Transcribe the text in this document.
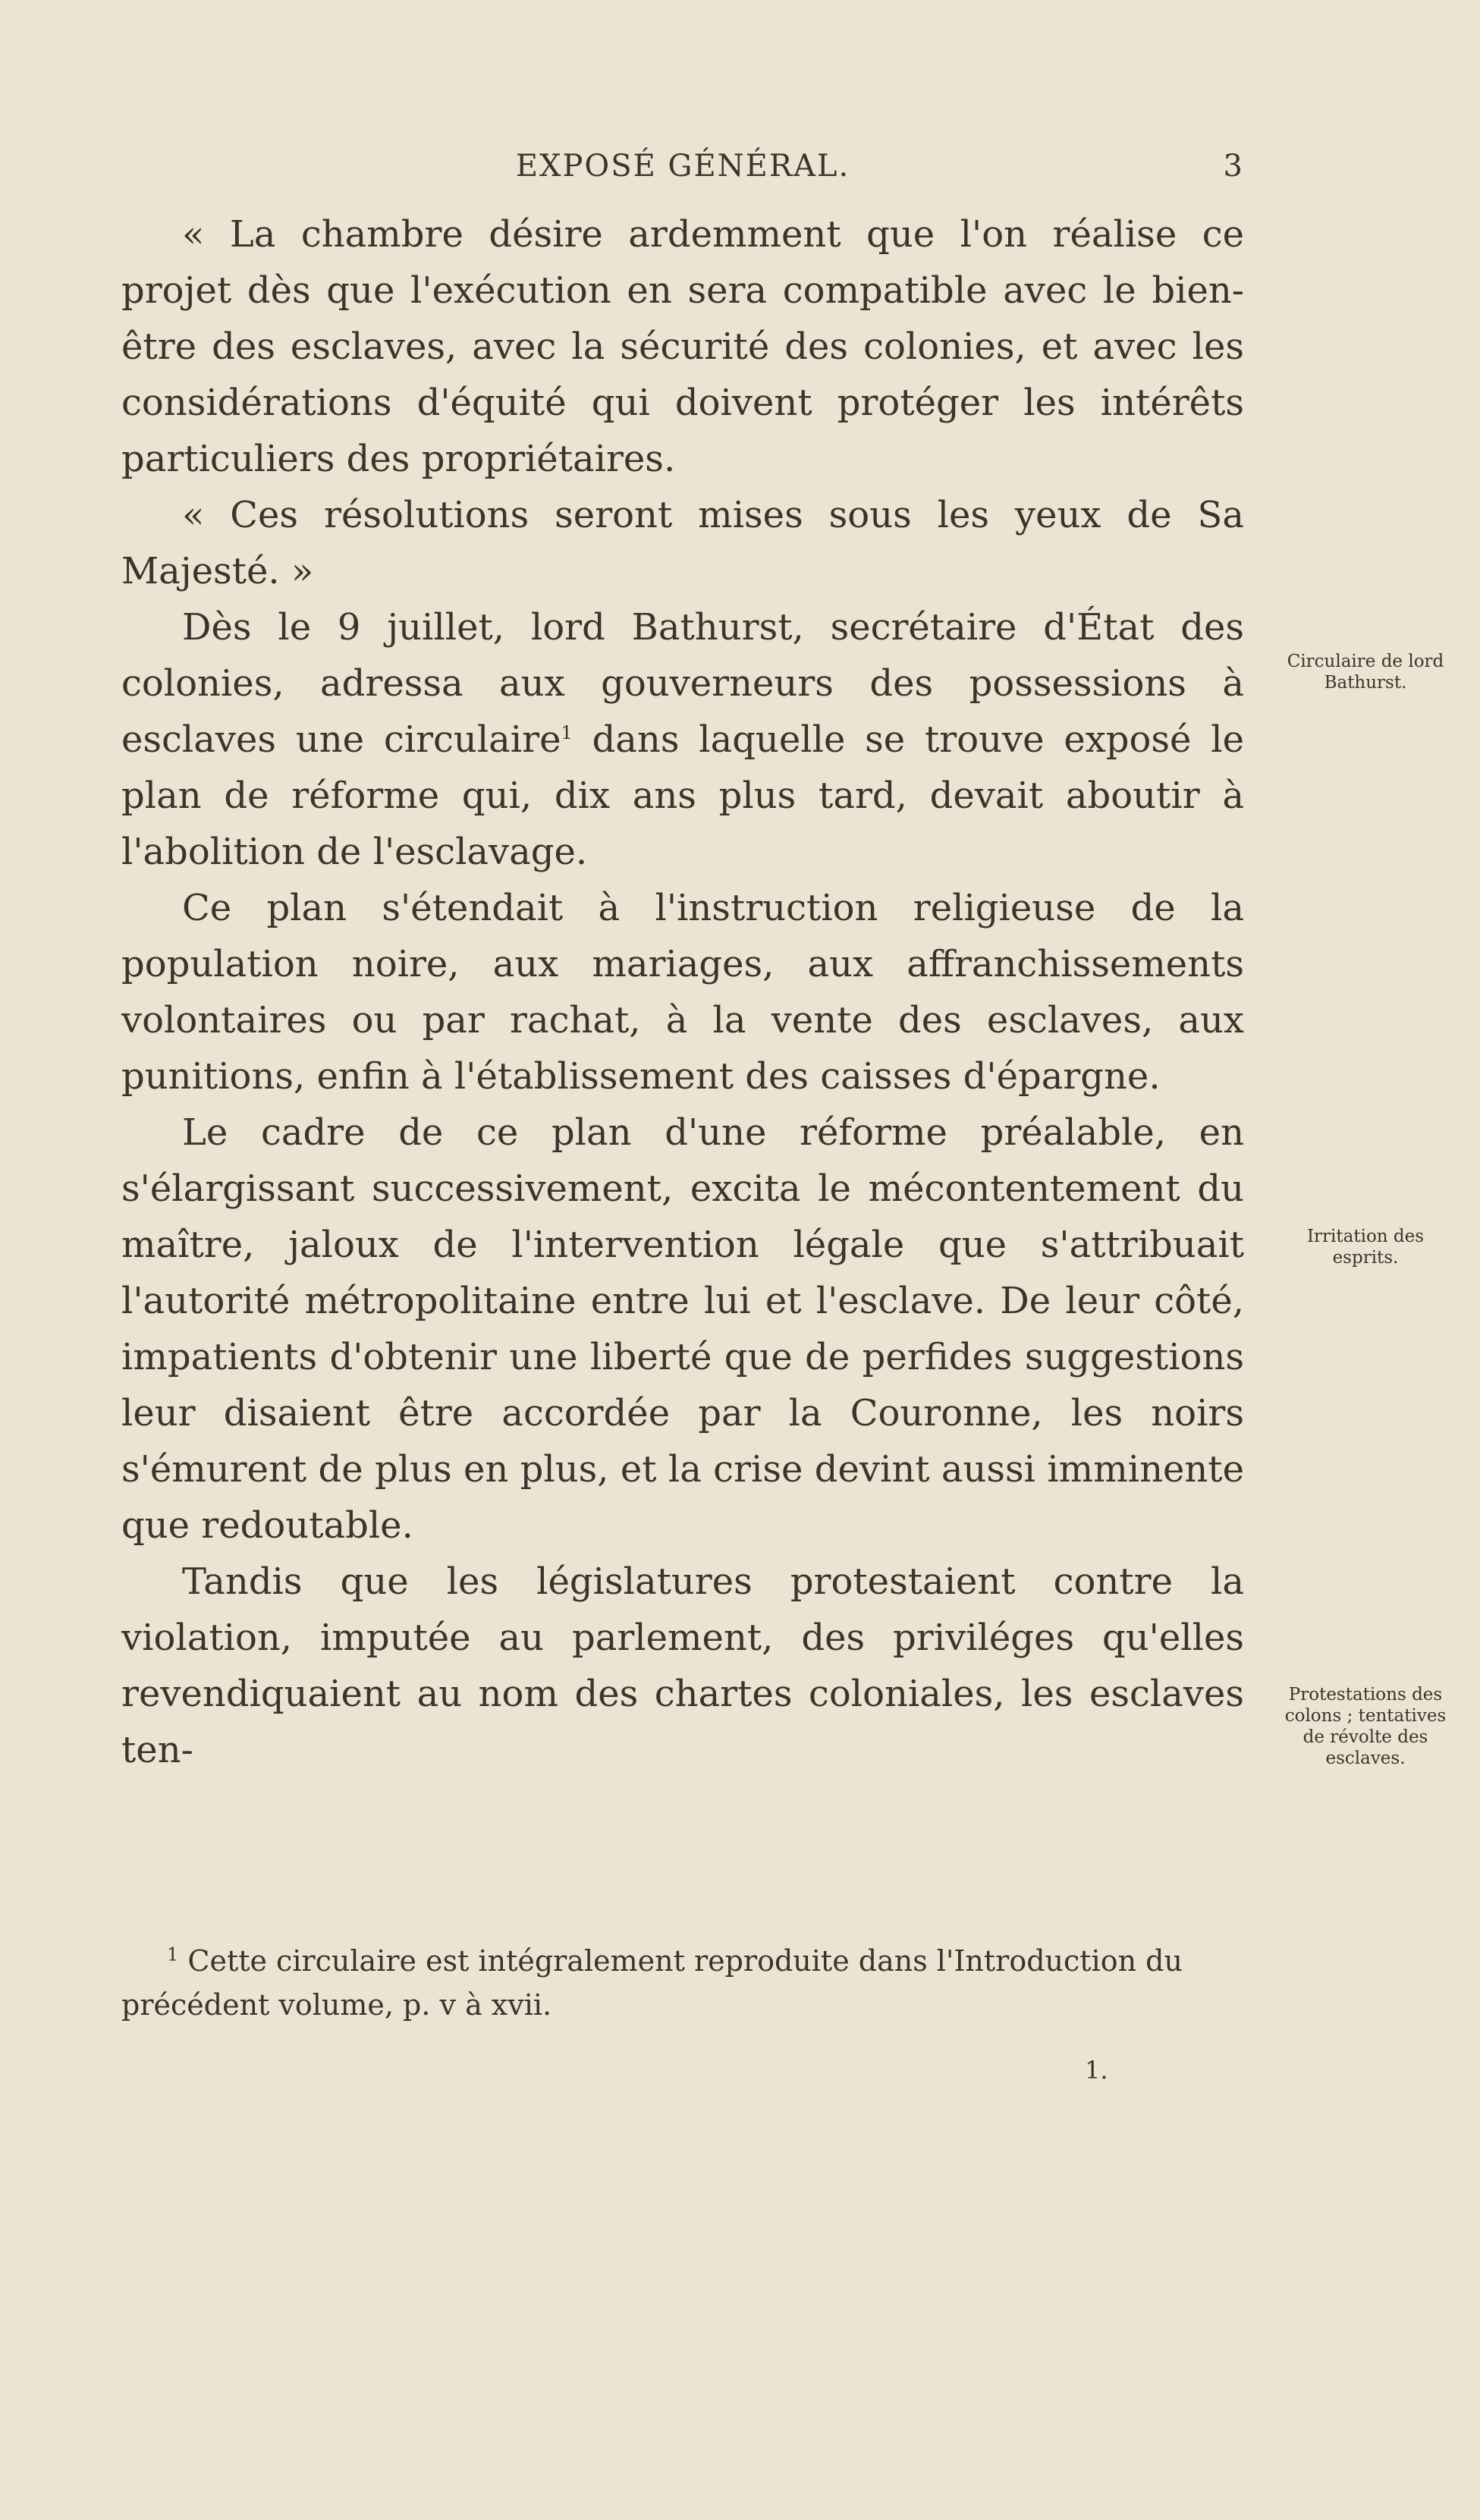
EXPOSÉ GÉNÉRAL.	3

« La chambre désire ardemment que l'on réalise ce projet dès que l'exécution en sera compatible avec le bien-être des esclaves, avec la sécurité des colonies, et avec les considérations d'équité qui doivent protéger les intérêts particuliers des propriétaires.

« Ces résolutions seront mises sous les yeux de Sa Majesté. »

Dès le 9 juillet, lord Bathurst, secrétaire d'État des colonies, adressa aux gouverneurs des possessions à esclaves une circulaire$^1$ dans laquelle se trouve exposé le plan de réforme qui, dix ans plus tard, devait aboutir à l'abolition de l'esclavage.

Ce plan s'étendait à l'instruction religieuse de la population noire, aux mariages, aux affranchissements volontaires ou par rachat, à la vente des esclaves, aux punitions, enfin à l'établissement des caisses d'épargne.

Le cadre de ce plan d'une réforme préalable, en s'élargissant successivement, excita le mécontentement du maître, jaloux de l'intervention légale que s'attribuait l'autorité métropolitaine entre lui et l'esclave. De leur côté, impatients d'obtenir une liberté que de perfides suggestions leur disaient être accordée par la Couronne, les noirs s'émurent de plus en plus, et la crise devint aussi imminente que redoutable.

Tandis que les législatures protestaient contre la violation, imputée au parlement, des priviléges qu'elles revendiquaient au nom des chartes coloniales, les esclaves ten-

Circulaire de lord Bathurst.
Irritation des esprits.
Protestations des colons ; tentatives de révolte des esclaves.
$^1$ Cette circulaire est intégralement reproduite dans l'Introduction du précédent volume, p. v à xvii.
1.
